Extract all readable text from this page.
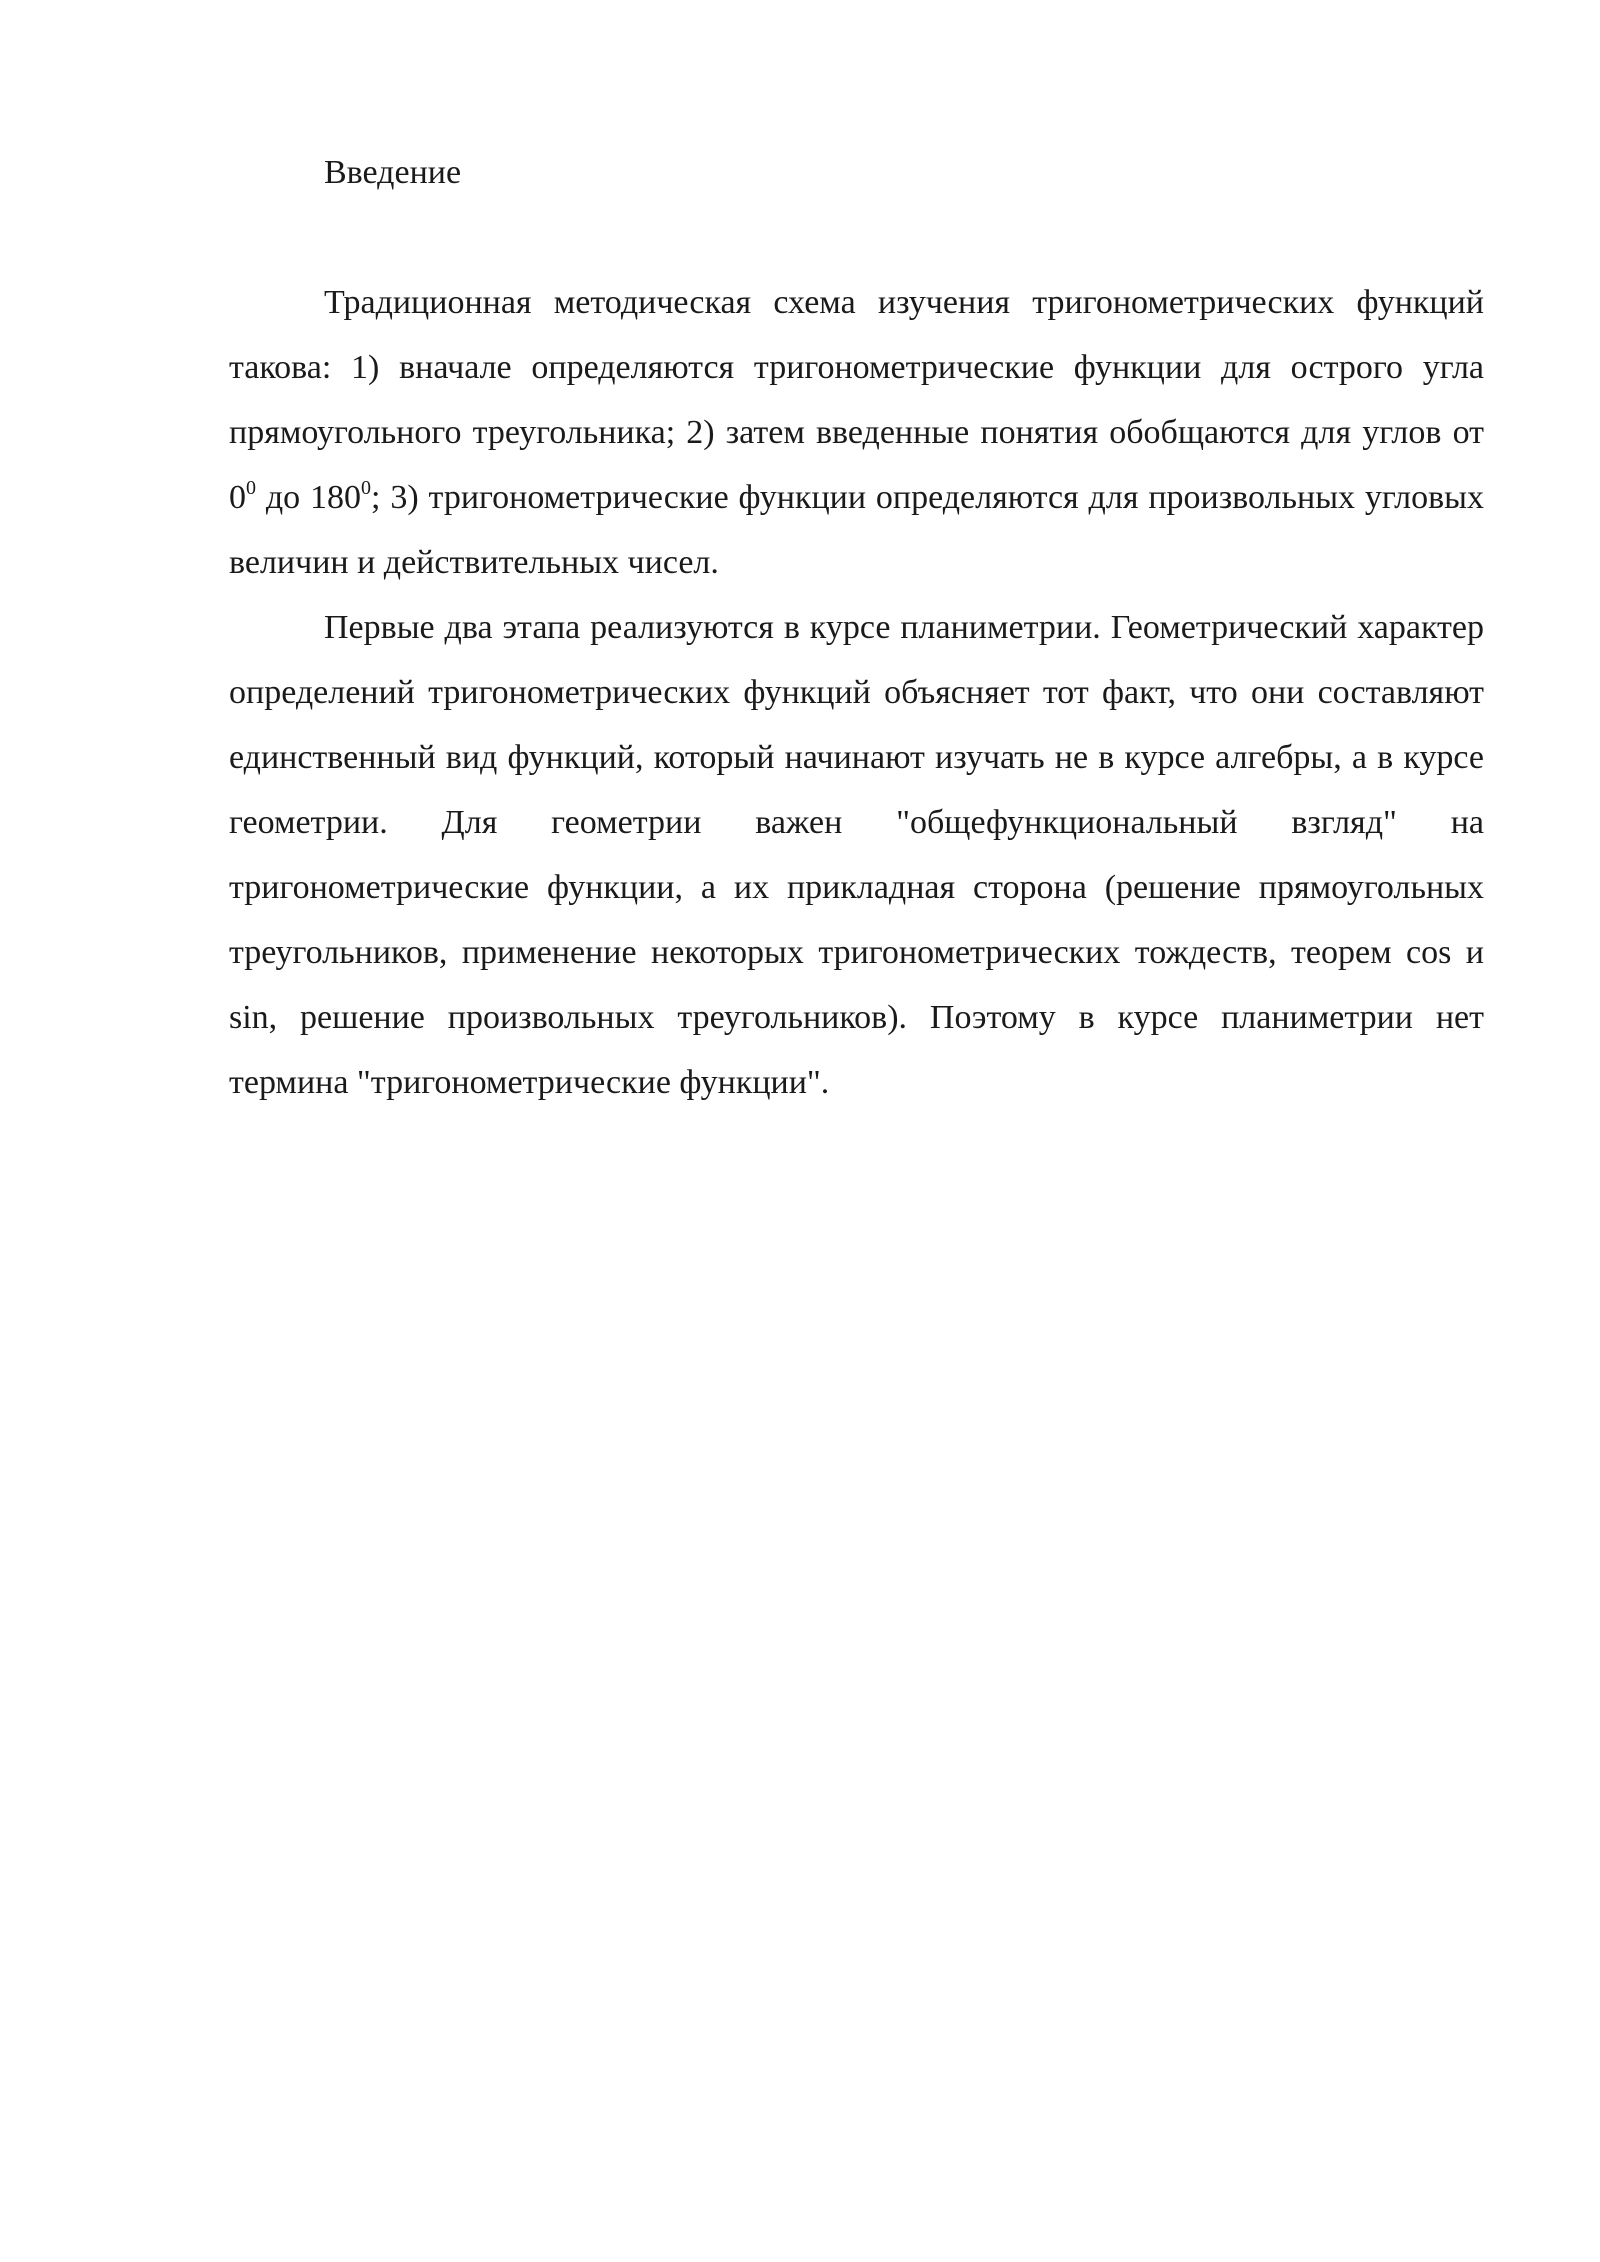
Введение

Традиционная методическая схема изучения тригонометрических функций такова: 1) вначале определяются тригонометрические функции для острого угла прямоугольного треугольника; 2) затем введенные понятия обобщаются для углов от $0^0$ до $180^0$; 3) тригонометрические функции определяются для произвольных угловых величин и действительных чисел.

Первые два этапа реализуются в курсе планиметрии. Геометрический характер определений тригонометрических функций объясняет тот факт, что они составляют единственный вид функций, который начинают изучать не в курсе алгебры, а в курсе геометрии. Для геометрии важен "общефункциональный взгляд" на тригонометрические функции, а их прикладная сторона (решение прямоугольных треугольников, применение некоторых тригонометрических тождеств, теорем cos и sin, решение произвольных треугольников). Поэтому в курсе планиметрии нет термина "тригонометрические функции".
